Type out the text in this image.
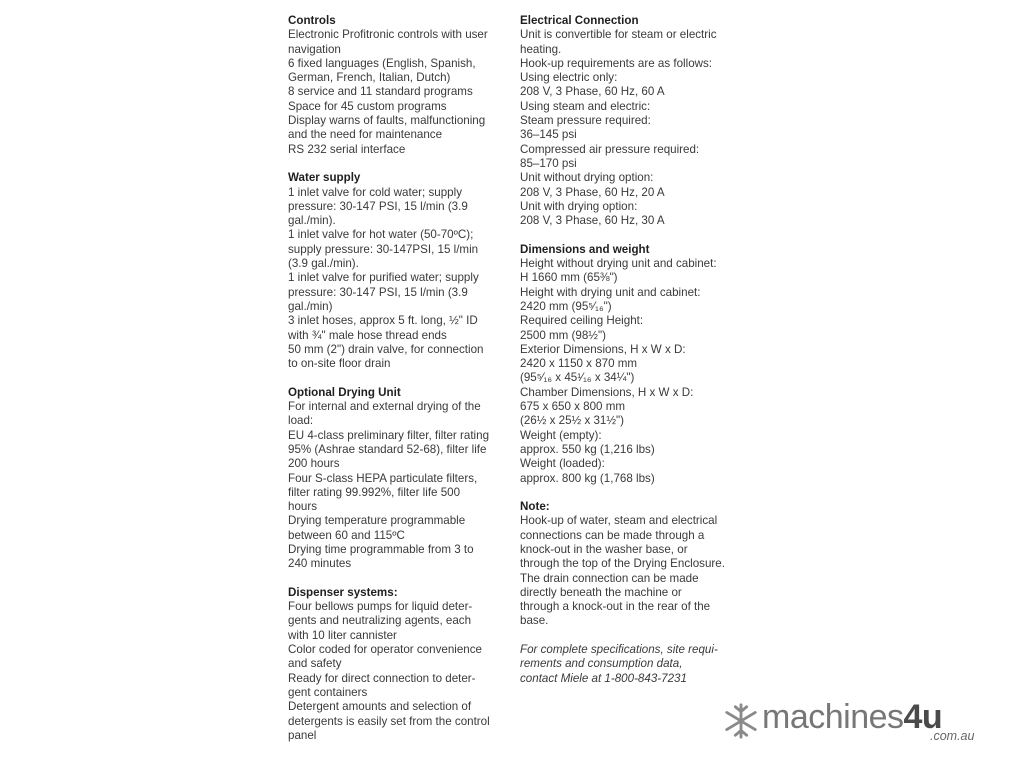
Controls
Electronic Profitronic controls with user
navigation
6 fixed languages (English, Spanish,
German, French, Italian, Dutch)
8 service and 11 standard programs
Space for 45 custom programs
Display warns of faults, malfunctioning
and the need for maintenance
RS 232 serial interface
Water supply
1 inlet valve for cold water; supply
pressure: 30-147 PSI, 15 l/min (3.9
gal./min).
1 inlet valve for hot water (50-70ºC);
supply pressure: 30-147PSI, 15 l/min
(3.9 gal./min).
1 inlet valve for purified water; supply
pressure: 30-147 PSI, 15 l/min (3.9
gal./min)
3 inlet hoses, approx 5 ft. long, ½" ID
with ¾" male hose thread ends
50 mm (2") drain valve, for connection
to on-site floor drain
Optional Drying Unit
For internal and external drying of the
load:
EU 4-class preliminary filter, filter rating
95% (Ashrae standard 52-68), filter life
200 hours
Four S-class HEPA particulate filters,
filter rating 99.992%, filter life 500
hours
Drying temperature programmable
between 60 and 115ºC
Drying time programmable from 3 to
240 minutes
Dispenser systems:
Four bellows pumps for liquid deter-
gents and neutralizing agents, each
with 10 liter cannister
Color coded for operator convenience
and safety
Ready for direct connection to deter-
gent containers
Detergent amounts and selection of
detergents is easily set from the control
panel
Electrical Connection
Unit is convertible for steam or electric
heating.
Hook-up requirements are as follows:
Using electric only:
208 V, 3 Phase, 60 Hz, 60 A
Using steam and electric:
Steam pressure required:
36–145 psi
Compressed air pressure required:
85–170 psi
Unit without drying option:
208 V, 3 Phase, 60 Hz, 20 A
Unit with drying option:
208 V, 3 Phase, 60 Hz, 30 A
Dimensions and weight
Height without drying unit and cabinet:
H 1660 mm (65⅜")
Height with drying unit and cabinet:
2420 mm (95⁵⁄₁₆")
Required ceiling Height:
2500 mm (98½")
Exterior Dimensions, H x W x D:
2420 x 1150 x 870 mm
(95⁵⁄₁₆ x 45¹⁄₁₆ x 34¼")
Chamber Dimensions, H x W x D:
675 x 650 x 800 mm
(26½ x 25½ x 31½")
Weight (empty):
approx. 550 kg (1,216 lbs)
Weight (loaded):
approx. 800 kg (1,768 lbs)
Note:
Hook-up of water, steam and electrical
connections can be made through a
knock-out in the washer base, or
through the top of the Drying Enclosure.
The drain connection can be made
directly beneath the machine or
through a knock-out in the rear of the
base.
For complete specifications, site requi-
rements and consumption data,
contact Miele at 1-800-843-7231
machines4u
.com.au
